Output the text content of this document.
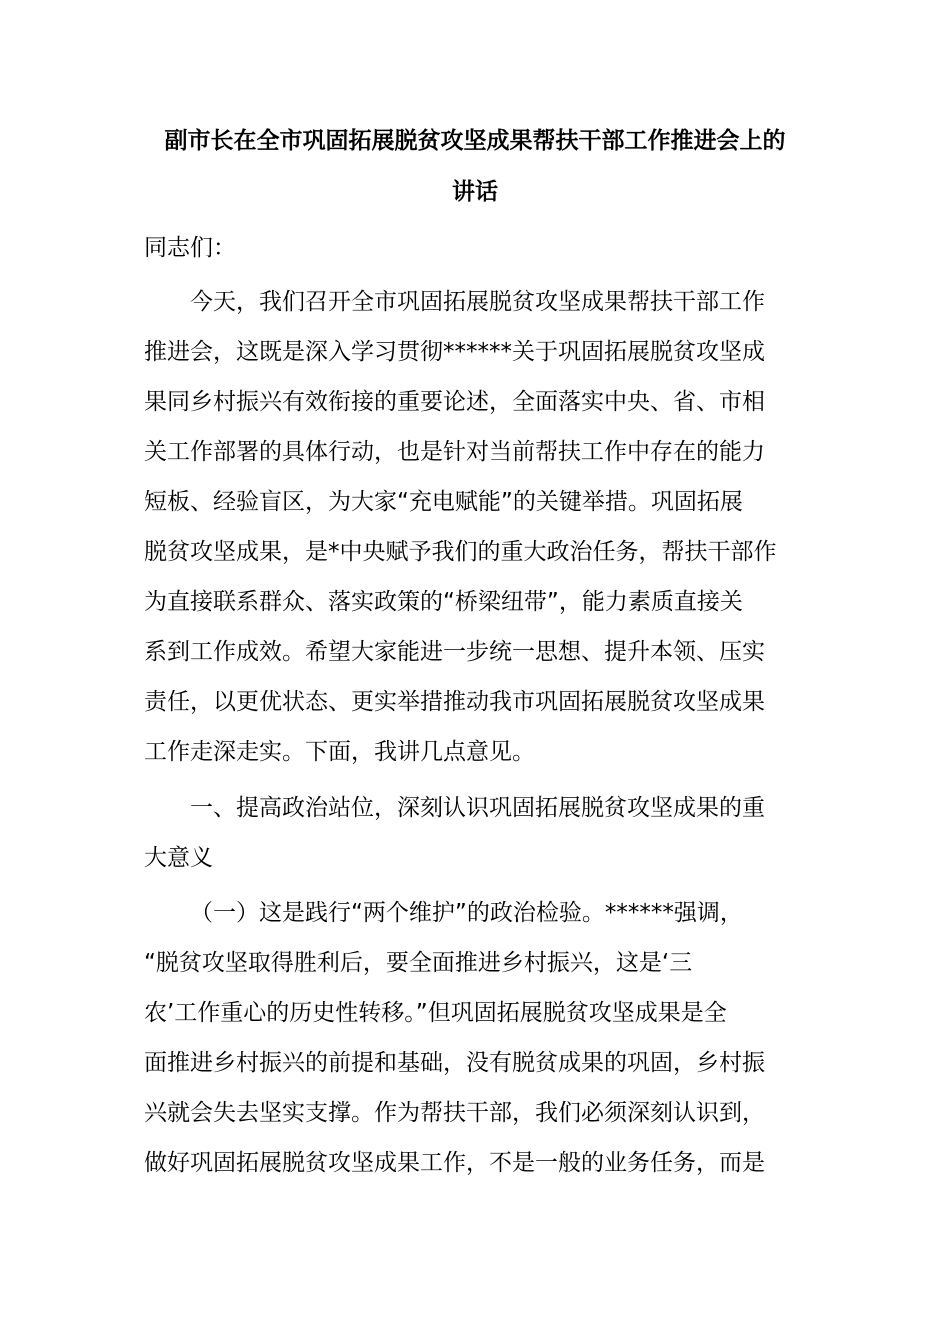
副市长在全市巩固拓展脱贫攻坚成果帮扶干部工作推进会上的
讲话
同志们：
今天，我们召开全市巩固拓展脱贫攻坚成果帮扶干部工作
推进会，这既是深入学习贯彻******关于巩固拓展脱贫攻坚成
果同乡村振兴有效衔接的重要论述，全面落实中央、省、市相
关工作部署的具体行动，也是针对当前帮扶工作中存在的能力
短板、经验盲区，为大家“充电赋能”的关键举措。巩固拓展
脱贫攻坚成果，是*中央赋予我们的重大政治任务，帮扶干部作
为直接联系群众、落实政策的“桥梁纽带”，能力素质直接关
系到工作成效。希望大家能进一步统一思想、提升本领、压实
责任，以更优状态、更实举措推动我市巩固拓展脱贫攻坚成果
工作走深走实。下面，我讲几点意见。
一、提高政治站位，深刻认识巩固拓展脱贫攻坚成果的重
大意义
（一）这是践行“两个维护”的政治检验。******强调，
“脱贫攻坚取得胜利后，要全面推进乡村振兴，这是‘三
农’工作重心的历史性转移。”但巩固拓展脱贫攻坚成果是全
面推进乡村振兴的前提和基础，没有脱贫成果的巩固，乡村振
兴就会失去坚实支撑。作为帮扶干部，我们必须深刻认识到，
做好巩固拓展脱贫攻坚成果工作，不是一般的业务任务，而是
